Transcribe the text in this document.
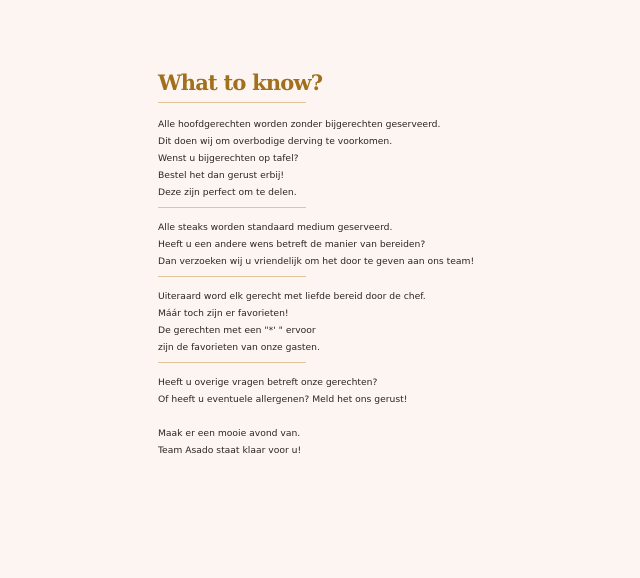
What to know?

Alle hoofdgerechten worden zonder bijgerechten geserveerd.

Dit doen wij om overbodige derving te voorkomen.

Wenst u bijgerechten op tafel?

Bestel het dan gerust erbij!

Deze zijn perfect om te delen.

Alle steaks worden standaard medium geserveerd.

Heeft u een andere wens betreft de manier van bereiden?

Dan verzoeken wij u vriendelijk om het door te geven aan ons team!

Uiteraard word elk gerecht met liefde bereid door de chef.

Máár toch zijn er favorieten!

De gerechten met een "*' " ervoor

zijn de favorieten van onze gasten.

Heeft u overige vragen betreft onze gerechten?

Of heeft u eventuele allergenen? Meld het ons gerust!

Maak er een mooie avond van.

Team Asado staat klaar voor u!
